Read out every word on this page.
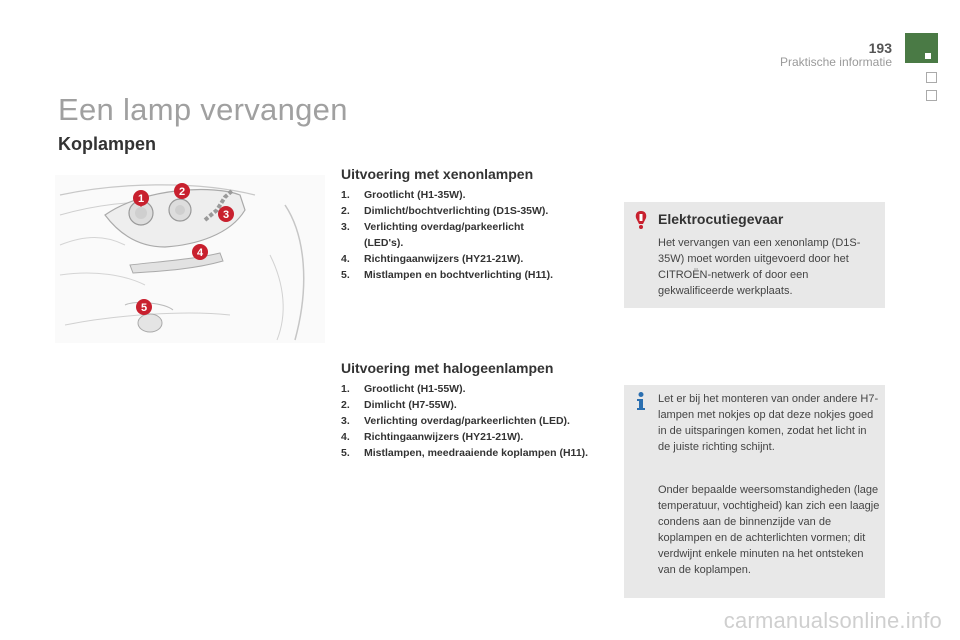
193
Praktische informatie
Een lamp vervangen
Koplampen
1
2
3
4
5
Uitvoering met xenonlampen
1.	Grootlicht (H1-35W).
2.	Dimlicht/bochtverlichting (D1S-35W).
3.	Verlichting overdag/parkeerlicht (LED's).
4.	Richtingaanwijzers (HY21-21W).
5.	Mistlampen en bochtverlichting (H11).
Uitvoering met halogeenlampen
1.	Grootlicht (H1-55W).
2.	Dimlicht (H7-55W).
3.	Verlichting overdag/parkeerlichten (LED).
4.	Richtingaanwijzers (HY21-21W).
5.	Mistlampen, meedraaiende koplampen (H11).
Elektrocutiegevaar
Het vervangen van een xenonlamp (D1S-35W) moet worden uitgevoerd door het CITROËN-netwerk of door een gekwalificeerde werkplaats.
Let er bij het monteren van onder andere H7-lampen met nokjes op dat deze nokjes goed in de uitsparingen komen, zodat het licht in de juiste richting schijnt.
Onder bepaalde weersomstandigheden (lage temperatuur, vochtigheid) kan zich een laagje condens aan de binnenzijde van de koplampen en de achterlichten vormen; dit verdwijnt enkele minuten na het ontsteken van de koplampen.
carmanualsonline.info
